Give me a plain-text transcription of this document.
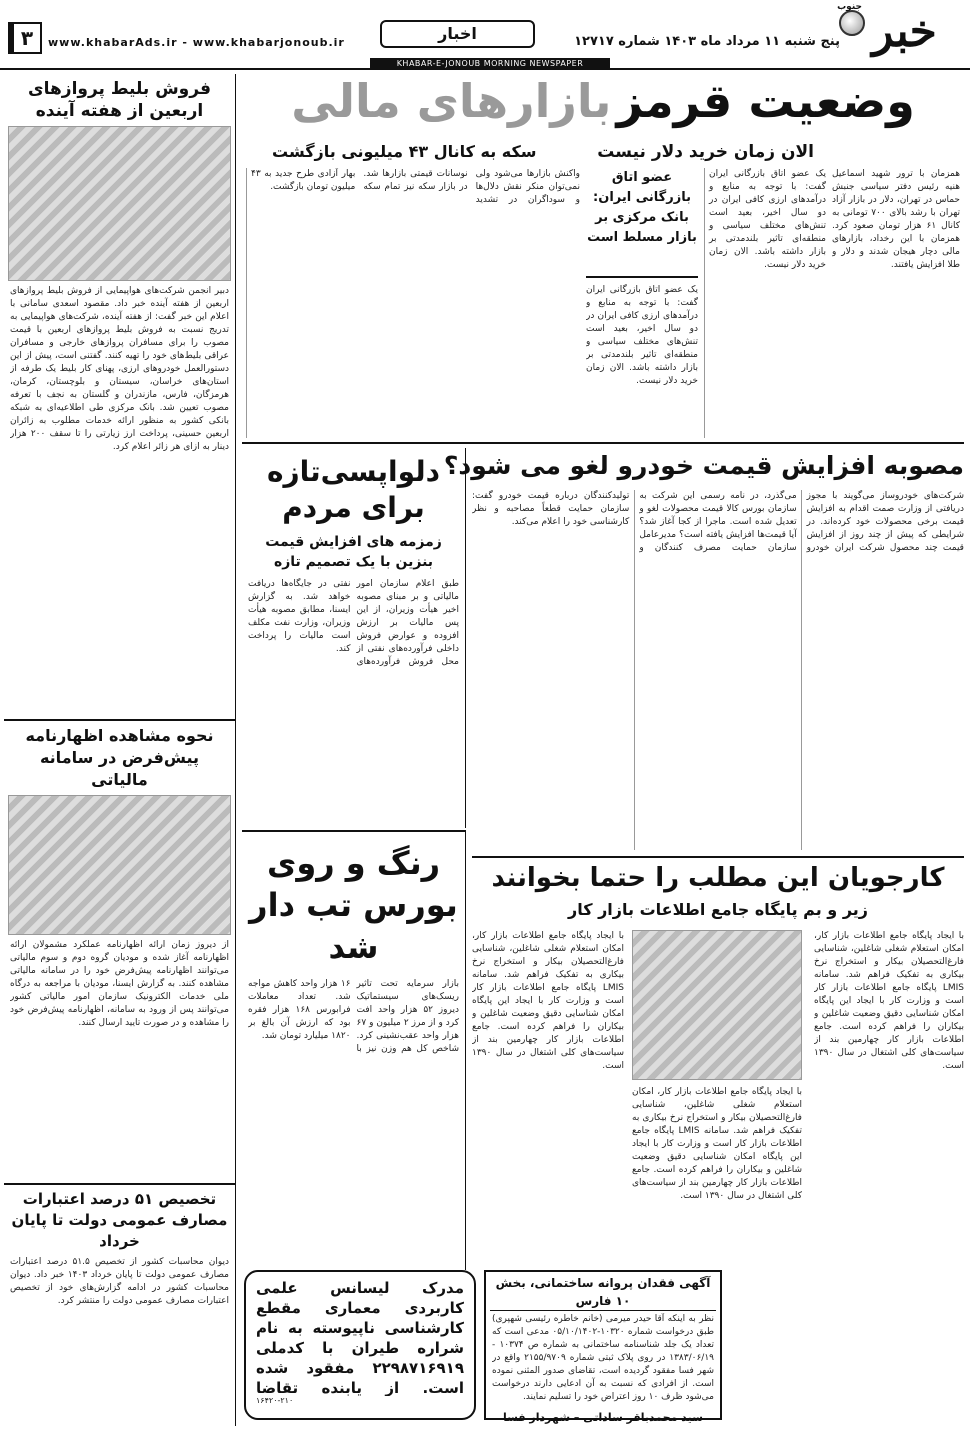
خبر
جنوب
پنج شنبه ۱۱ مرداد ماه ۱۴۰۳ شماره ۱۲۷۱۷
اخبار
www.khabarAds.ir - www.khabarjonoub.ir
۳
KHABAR-E-JONOUB MORNING NEWSPAPER
فروش بلیط پروازهای اربعین از هفته آینده
دبیر انجمن شرکت‌های هواپیمایی از فروش بلیط پروازهای اربعین از هفته آینده خبر داد. مقصود اسعدی سامانی با اعلام این خبر گفت: از هفته آینده، شرکت‌های هواپیمایی به تدریج نسبت به فروش بلیط پروازهای اربعین با قیمت مصوب را برای مسافران پروازهای خارجی و مسافران عراقی بلیط‌های خود را تهیه کنند. گفتنی است، پیش از این دستورالعمل خودروهای ارزی، پهنای کار بلیط یک طرفه از استان‌های خراسان، سیستان و بلوچستان، کرمان، هرمزگان، فارس، مازندران و گلستان به نجف با تعرفه مصوب تعیین شد. بانک مرکزی طی اطلاعیه‌ای به شبکه بانکی کشور به منظور ارائه خدمات مطلوب به زائران اربعین حسینی، پرداخت ارز زیارتی را تا سقف ۲۰۰ هزار دینار به ازای هر زائر اعلام کرد.
نحوه مشاهده اظهارنامه پیش‌فرض در سامانه مالیاتی
از دیروز زمان ارائه اظهارنامه عملکرد مشمولان ارائه اظهارنامه آغاز شده و مودیان گروه دوم و سوم مالیاتی می‌توانند اظهارنامه پیش‌فرض خود را در سامانه مالیاتی مشاهده کنند. به گزارش ایسنا، مودیان با مراجعه به درگاه ملی خدمات الکترونیک سازمان امور مالیاتی کشور می‌توانند پس از ورود به سامانه، اظهارنامه پیش‌فرض خود را مشاهده و در صورت تایید ارسال کنند.
تخصیص ۵۱ درصد اعتبارات مصارف عمومی دولت تا پایان خرداد
دیوان محاسبات کشور از تخصیص ۵۱.۵ درصد اعتبارات مصارف عمومی دولت تا پایان خرداد ۱۴۰۳ خبر داد. دیوان محاسبات کشور در ادامه گزارش‌های خود از تخصیص اعتبارات مصارف عمومی دولت را منتشر کرد.
وضعیت قرمز بازارهای مالی
الان زمان خرید دلار نیست
سکه به کانال ۴۳ میلیونی بازگشت
همزمان با ترور شهید اسماعیل هنیه رئیس دفتر سیاسی جنبش حماس در تهران، دلار در بازار آزاد تهران با رشد بالای ۷۰۰ تومانی به کانال ۶۱ هزار تومان صعود کرد. همزمان با این رخداد، بازارهای مالی دچار هیجان شدند و دلار و طلا افزایش یافتند.
یک عضو اتاق بازرگانی ایران گفت: با توجه به منابع و درآمدهای ارزی کافی ایران در دو سال اخیر، بعید است تنش‌های مختلف سیاسی و منطقه‌ای تاثیر بلندمدتی بر بازار داشته باشد. الان زمان خرید دلار نیست.
عضو اتاق بازرگانی ایران: بانک مرکزی بر بازار مسلط است
یک عضو اتاق بازرگانی ایران گفت: با توجه به منابع و درآمدهای ارزی کافی ایران در دو سال اخیر، بعید است تنش‌های مختلف سیاسی و منطقه‌ای تاثیر بلندمدتی بر بازار داشته باشد. الان زمان خرید دلار نیست.
واکنش بازارها می‌شود ولی نمی‌توان منکر نقش دلال‌ها و سوداگران در تشدید نوسانات قیمتی بازارها شد. در بازار سکه نیز تمام سکه بهار آزادی طرح جدید به ۴۳ میلیون تومان بازگشت.
مصوبه افزایش قیمت خودرو لغو می شود؟
شرکت‌های خودروساز می‌گویند با مجوز دریافتی از وزارت صمت اقدام به افزایش قیمت برخی محصولات خود کرده‌اند. در شرایطی که پیش از چند روز از افزایش قیمت چند محصول شرکت ایران خودرو می‌گذرد، در نامه رسمی این شرکت به سازمان بورس کالا قیمت محصولات لغو و تعدیل شده است. ماجرا از کجا آغاز شد؟ آیا قیمت‌ها افزایش یافته است؟ مدیرعامل سازمان حمایت مصرف کنندگان و تولیدکنندگان درباره قیمت خودرو گفت: سازمان حمایت قطعاً مصاحبه و نظر کارشناسی خود را اعلام می‌کند.
دلواپسی‌تازه برای مردم
زمزمه های افزایش قیمت بنزین با یک تصمیم تازه
طبق اعلام سازمان امور مالیاتی و بر مبنای مصوبه اخیر هیأت وزیران، از این پس مالیات بر ارزش افزوده و عوارض فروش داخلی فرآورده‌های نفتی از محل فروش فرآورده‌های نفتی در جایگاه‌ها دریافت خواهد شد. به گزارش ایسنا، مطابق مصوبه هیأت وزیران، وزارت نفت مکلف است مالیات را پرداخت کند.
رنگ و روی بورس تب دار شد
بازار سرمایه تحت تاثیر ریسک‌های سیستماتیک دیروز ۵۲ هزار واحد افت کرد و از مرز ۲ میلیون و ۶۷ هزار واحد عقب‌نشینی کرد. شاخص کل هم وزن نیز با ۱۶ هزار واحد کاهش مواجه شد. تعداد معاملات فرابورس ۱۶۸ هزار فقره بود که ارزش آن بالغ بر ۱۸۲۰ میلیارد تومان شد.
کارجویان این مطلب را حتما بخوانند
زیر و بم پایگاه جامع اطلاعات بازار کار
با ایجاد پایگاه جامع اطلاعات بازار کار، امکان استعلام شغلی شاغلین، شناسایی فارغ‌التحصیلان بیکار و استخراج نرخ بیکاری به تفکیک فراهم شد. سامانه LMIS پایگاه جامع اطلاعات بازار کار است و وزارت کار با ایجاد این پایگاه امکان شناسایی دقیق وضعیت شاغلین و بیکاران را فراهم کرده است. جامع اطلاعات بازار کار چهارمین بند از سیاست‌های کلی اشتغال در سال ۱۳۹۰ است.
با ایجاد پایگاه جامع اطلاعات بازار کار، امکان استعلام شغلی شاغلین، شناسایی فارغ‌التحصیلان بیکار و استخراج نرخ بیکاری به تفکیک فراهم شد. سامانه LMIS پایگاه جامع اطلاعات بازار کار است و وزارت کار با ایجاد این پایگاه امکان شناسایی دقیق وضعیت شاغلین و بیکاران را فراهم کرده است. جامع اطلاعات بازار کار چهارمین بند از سیاست‌های کلی اشتغال در سال ۱۳۹۰ است.
با ایجاد پایگاه جامع اطلاعات بازار کار، امکان استعلام شغلی شاغلین، شناسایی فارغ‌التحصیلان بیکار و استخراج نرخ بیکاری به تفکیک فراهم شد. سامانه LMIS پایگاه جامع اطلاعات بازار کار است و وزارت کار با ایجاد این پایگاه امکان شناسایی دقیق وضعیت شاغلین و بیکاران را فراهم کرده است. جامع اطلاعات بازار کار چهارمین بند از سیاست‌های کلی اشتغال در سال ۱۳۹۰ است.
آگهی فقدان پروانه ساختمانی، بخش ۱۰ فارس
نظر به اینکه آقا حیدر میرمی (خانم خاطره رئیسی شهپری) طبق درخواست شماره ۱۰۳۲۰-۰۵/۱۰/۱۴۰۲ مدعی است که تعداد یک جلد شناسنامه ساختمانی به شماره ص ۱۰۳۷۴ - ۱۳۸۳/۰۶/۱۹ در روی پلاک ثبتی شماره ۲۱۵۵/۹۷۰۹ واقع در شهر فسا مفقود گردیده است، تقاضای صدور المثنی نموده است. از افرادی که نسبت به آن ادعایی دارند درخواست می‌شود ظرف ۱۰ روز اعتراض خود را تسلیم نمایند.
سید محمدباقر ساداتی – شهردار فسا
مدرک لیسانس علمی کاربردی معماری مقطع کارشناسی ناپیوسته به نام شراره طیران با کدملی ۲۲۹۸۷۱۶۹۱۹ مفقود شده است. از یابنده تقاضا
۱۶۴۲۰-۲۱۰
